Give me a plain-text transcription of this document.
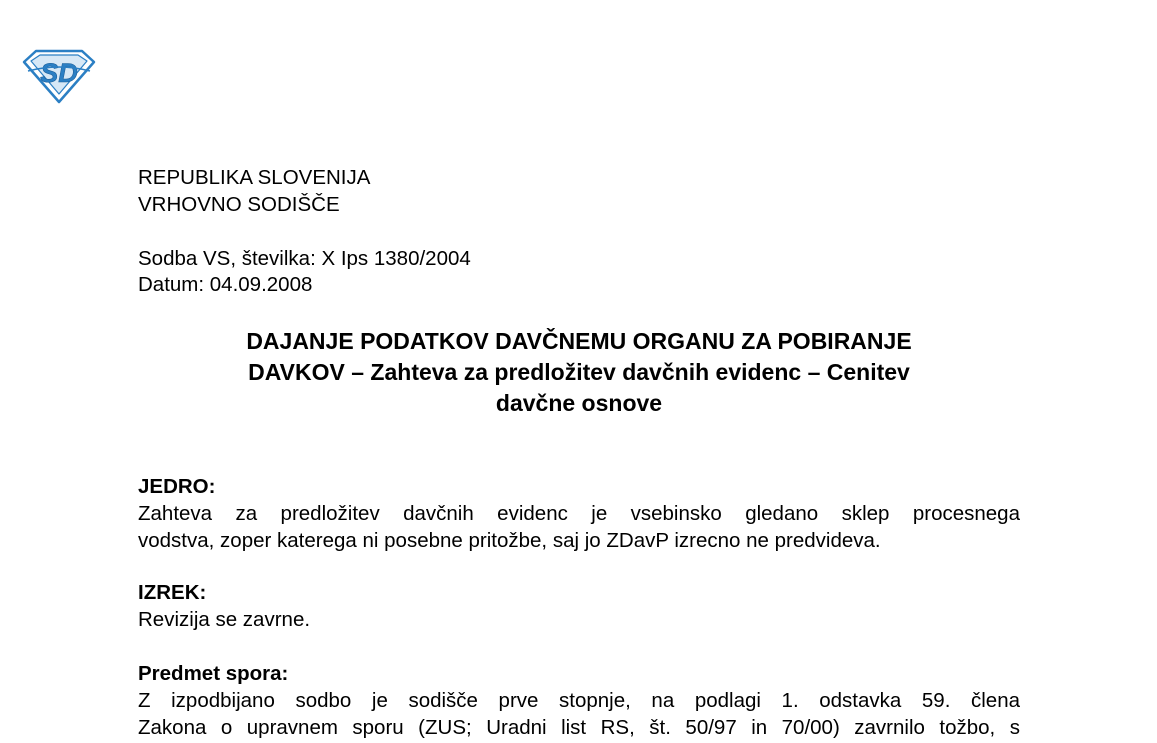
SD
REPUBLIKA SLOVENIJA
VRHOVNO SODIŠČE
Sodba VS, številka: X Ips 1380/2004
Datum: 04.09.2008
DAJANJE PODATKOV DAVČNEMU ORGANU ZA POBIRANJE
DAVKOV – Zahteva za predložitev davčnih evidenc – Cenitev
davčne osnove
JEDRO:
Zahteva za predložitev davčnih evidenc je vsebinsko gledano sklep procesnega
vodstva, zoper katerega ni posebne pritožbe, saj jo ZDavP izrecno ne predvideva.
IZREK:
Revizija se zavrne.
Predmet spora:
Z izpodbijano sodbo je sodišče prve stopnje, na podlagi 1. odstavka 59. člena
Zakona o upravnem sporu (ZUS; Uradni list RS, št. 50/97 in 70/00) zavrnilo tožbo, s
